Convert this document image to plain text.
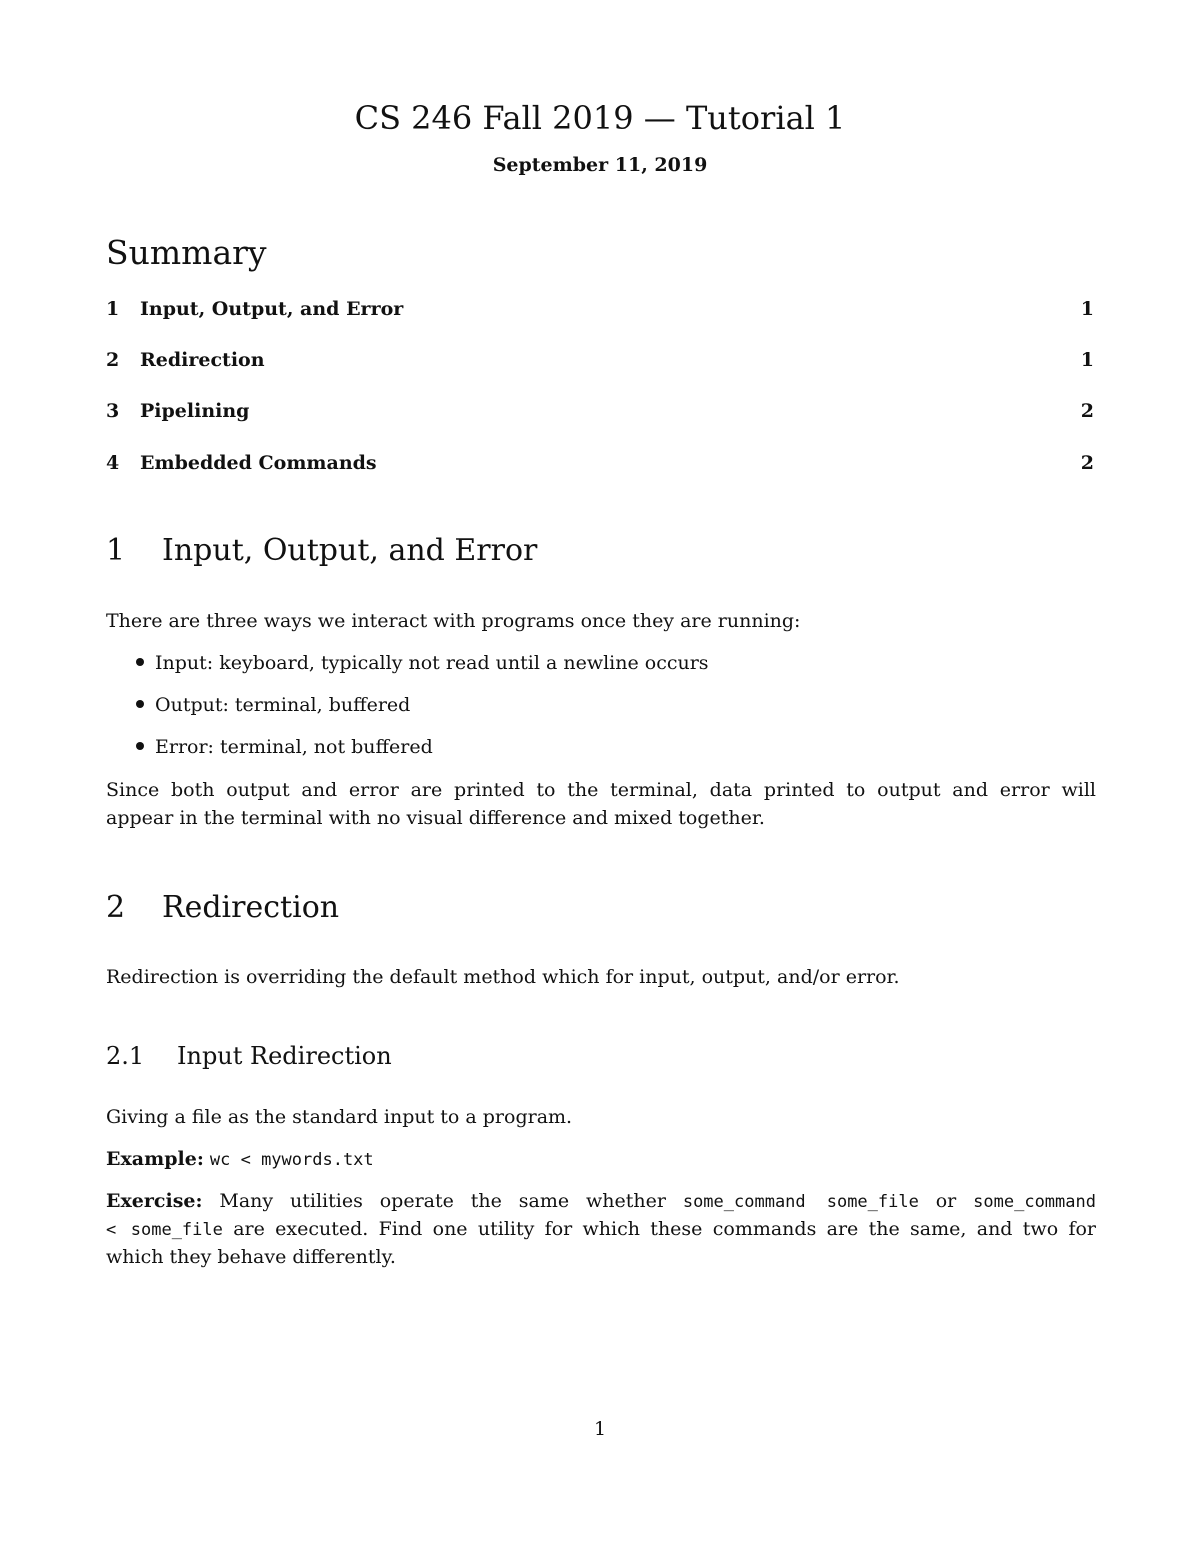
CS 246 Fall 2019 — Tutorial 1
September 11, 2019
Summary
1 Input, Output, and Error	1
2 Redirection	1
3 Pipelining	2
4 Embedded Commands	2
1 Input, Output, and Error
There are three ways we interact with programs once they are running:
Input: keyboard, typically not read until a newline occurs
Output: terminal, buffered
Error: terminal, not buffered
Since both output and error are printed to the terminal, data printed to output and error will
appear in the terminal with no visual difference and mixed together.
2 Redirection
Redirection is overriding the default method which for input, output, and/or error.
2.1 Input Redirection
Giving a file as the standard input to a program.
Example: wc < mywords.txt
Exercise: Many utilities operate the same whether some_command some_file or some_command
< some_file are executed. Find one utility for which these commands are the same, and two for
which they behave differently.
1
